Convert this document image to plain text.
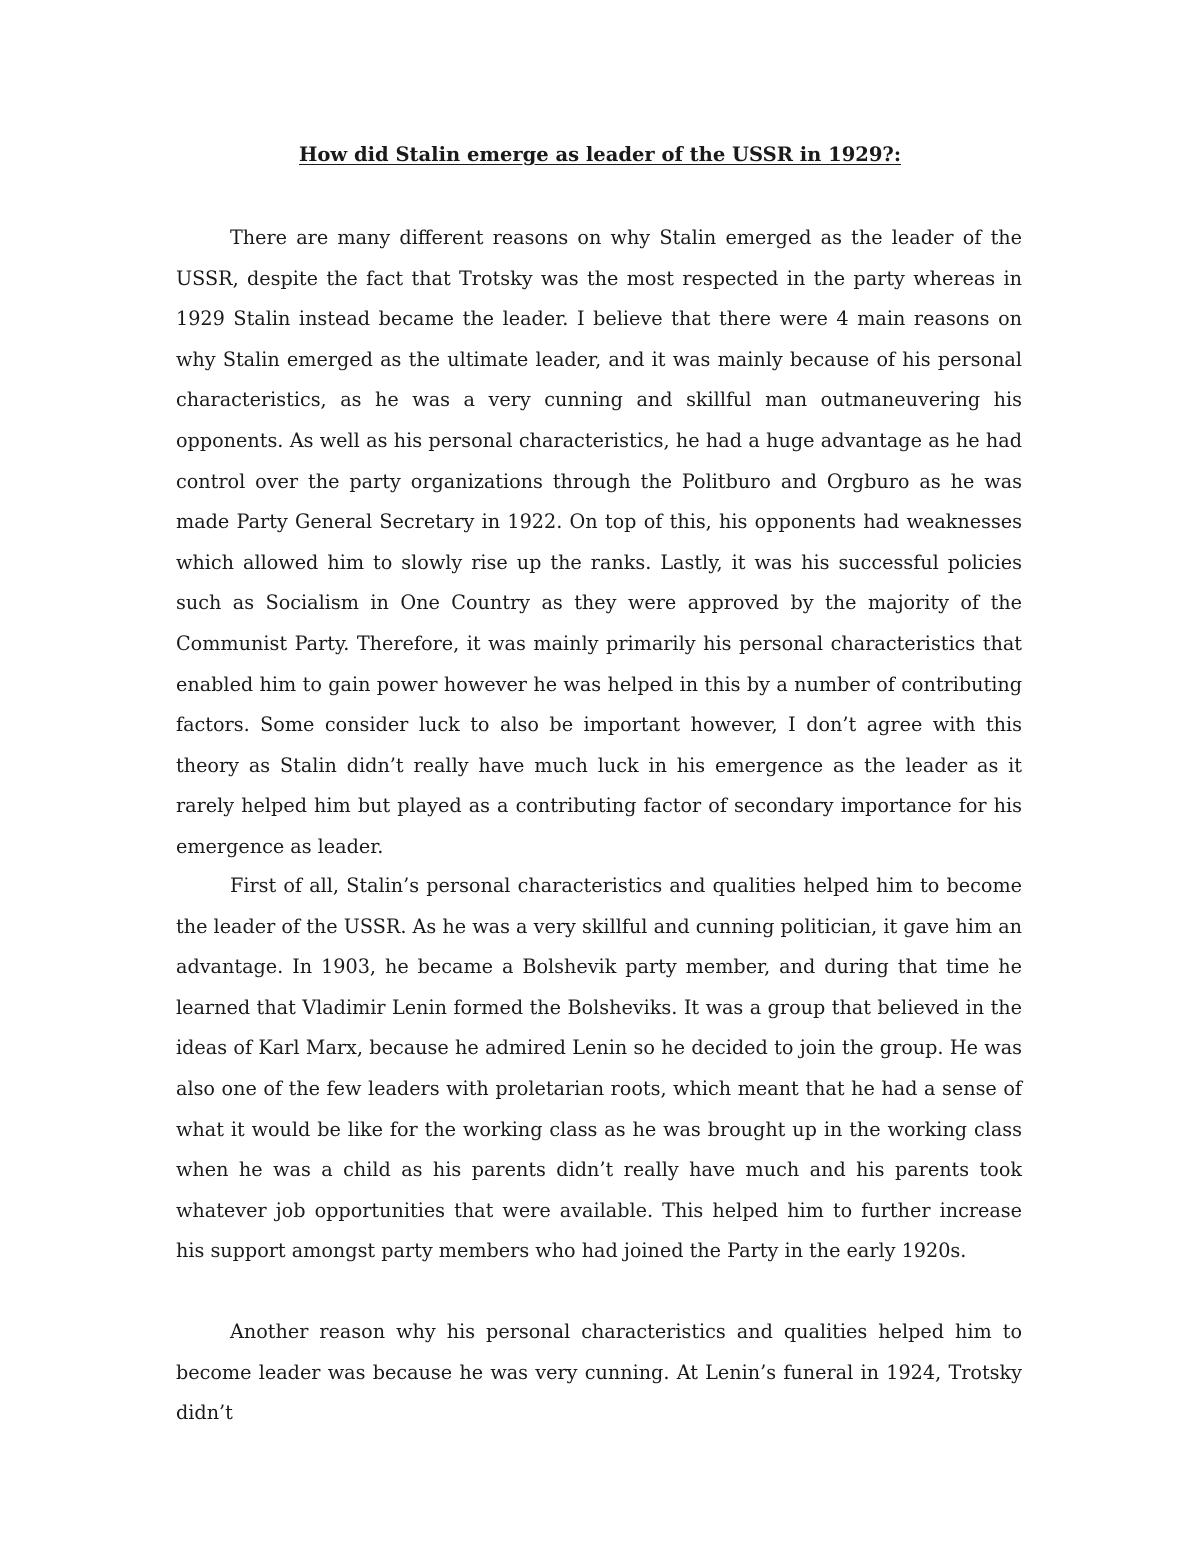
How did Stalin emerge as leader of the USSR in 1929?:

There are many different reasons on why Stalin emerged as the leader of the USSR, despite the fact that Trotsky was the most respected in the party whereas in 1929 Stalin instead became the leader. I believe that there were 4 main reasons on why Stalin emerged as the ultimate leader, and it was mainly because of his personal characteristics, as he was a very cunning and skillful man outmaneuvering his opponents. As well as his personal characteristics, he had a huge advantage as he had control over the party organizations through the Politburo and Orgburo as he was made Party General Secretary in 1922. On top of this, his opponents had weaknesses which allowed him to slowly rise up the ranks. Lastly, it was his successful policies such as Socialism in One Country as they were approved by the majority of the Communist Party. Therefore, it was mainly primarily his personal characteristics that enabled him to gain power however he was helped in this by a number of contributing factors. Some consider luck to also be important however, I don’t agree with this theory as Stalin didn’t really have much luck in his emergence as the leader as it rarely helped him but played as a contributing factor of secondary importance for his emergence as leader.

First of all, Stalin’s personal characteristics and qualities helped him to become the leader of the USSR. As he was a very skillful and cunning politician, it gave him an advantage. In 1903, he became a Bolshevik party member, and during that time he learned that Vladimir Lenin formed the Bolsheviks. It was a group that believed in the ideas of Karl Marx, because he admired Lenin so he decided to join the group. He was also one of the few leaders with proletarian roots, which meant that he had a sense of what it would be like for the working class as he was brought up in the working class when he was a child as his parents didn’t really have much and his parents took whatever job opportunities that were available. This helped him to further increase his support amongst party members who had joined the Party in the early 1920s.

Another reason why his personal characteristics and qualities helped him to become leader was because he was very cunning. At Lenin’s funeral in 1924, Trotsky didn’t
